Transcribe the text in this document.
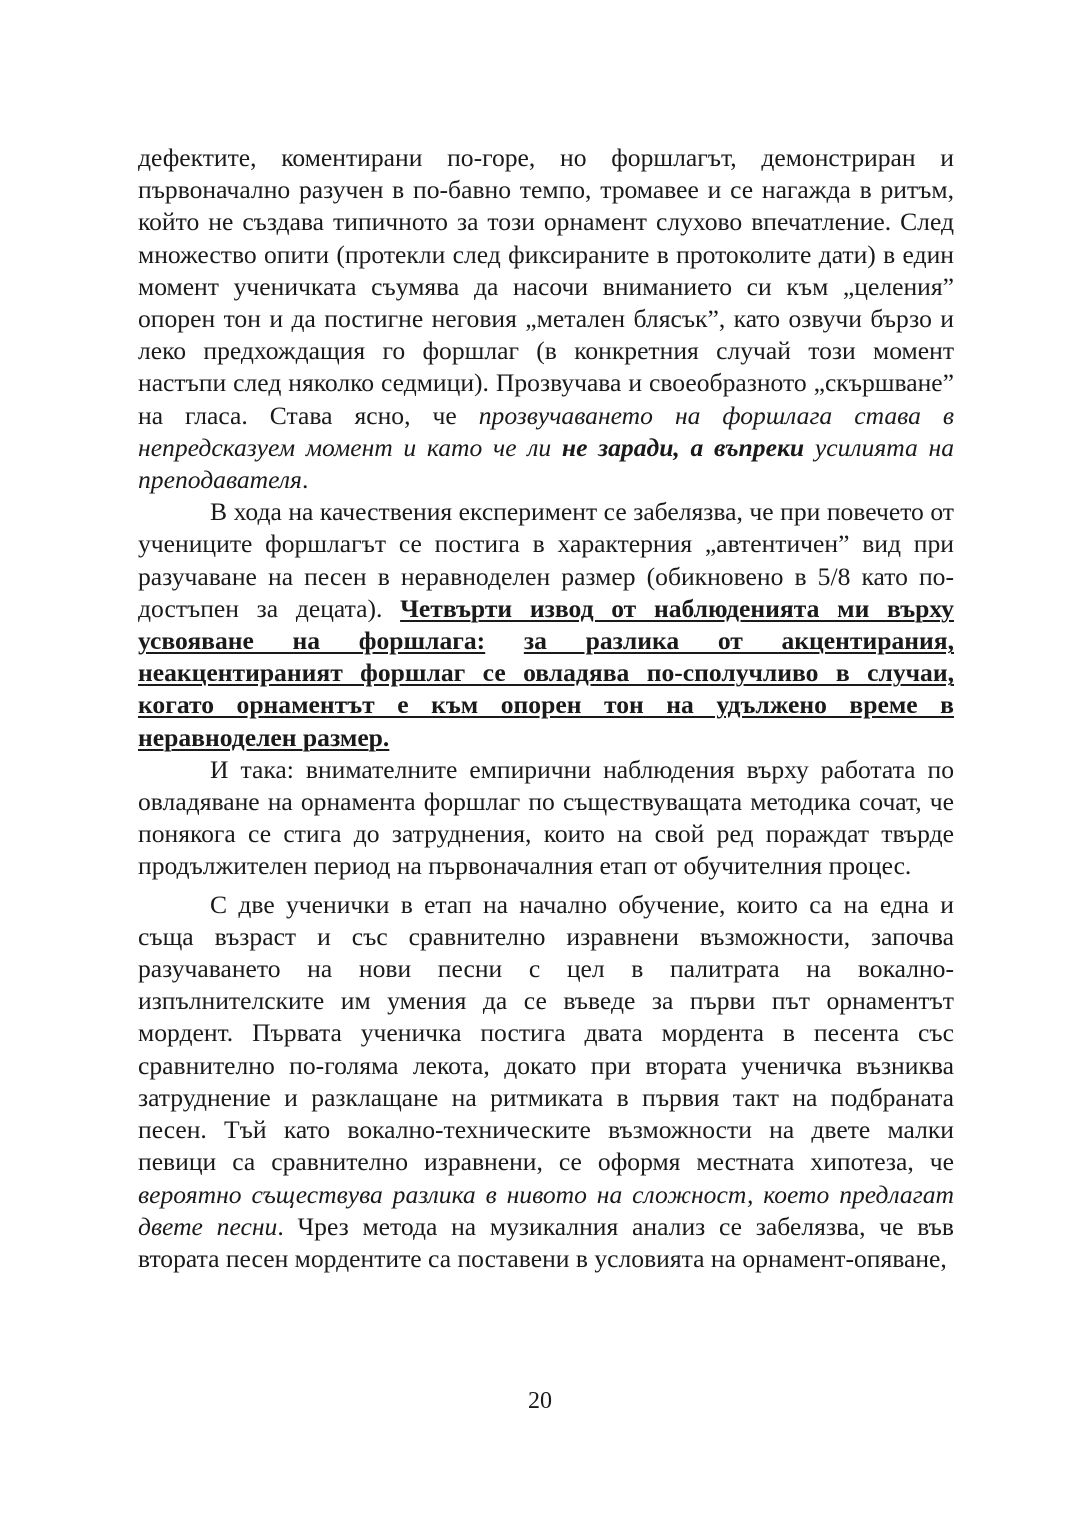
дефектите, коментирани по-горе, но форшлагът, демонстриран и първоначално разучен в по-бавно темпо, тромавее и се нагажда в ритъм, който не създава типичното за този орнамент слухово впечатление. След множество опити (протекли след фиксираните в протоколите дати) в един момент ученичката съумява да насочи вниманието си към „целения” опорен тон и да постигне неговия „метален блясък”, като озвучи бързо и леко предхождащия го форшлаг (в конкретния случай този момент настъпи след няколко седмици). Прозвучава и своеобразното „скършване” на гласа. Става ясно, че прозвучаването на форшлага става в непредсказуем момент и като че ли не заради, а въпреки усилията на преподавателя.

В хода на качествения експеримент се забелязва, че при повечето от учениците форшлагът се постига в характерния „автентичен” вид при разучаване на песен в неравноделен размер (обикновено в 5/8 като по-достъпен за децата). Четвърти извод от наблюденията ми върху усвояване на форшлага: за разлика от акцентирания, неакцентираният форшлаг се овладява по-сполучливо в случаи, когато орнаментът е към опорен тон на удължено време в неравноделен размер.

И така: внимателните емпирични наблюдения върху работата по овладяване на орнамента форшлаг по съществуващата методика сочат, че понякога се стига до затруднения, които на свой ред пораждат твърде продължителен период на първоначалния етап от обучителния процес.

С две ученички в етап на начално обучение, които са на една и съща възраст и със сравнително изравнени възможности, започва разучаването на нови песни с цел в палитрата на вокално-изпълнителските им умения да се въведе за първи път орнаментът мордент. Първата ученичка постига двата мордента в песента със сравнително по-голяма лекота, докато при втората ученичка възниква затруднение и разклащане на ритмиката в първия такт на подбраната песен. Тъй като вокално-техническите възможности на двете малки певици са сравнително изравнени, се оформя местната хипотеза, че вероятно съществува разлика в нивото на сложност, което предлагат двете песни. Чрез метода на музикалния анализ се забелязва, че във втората песен мордентите са поставени в условията на орнамент-опяване,

20
